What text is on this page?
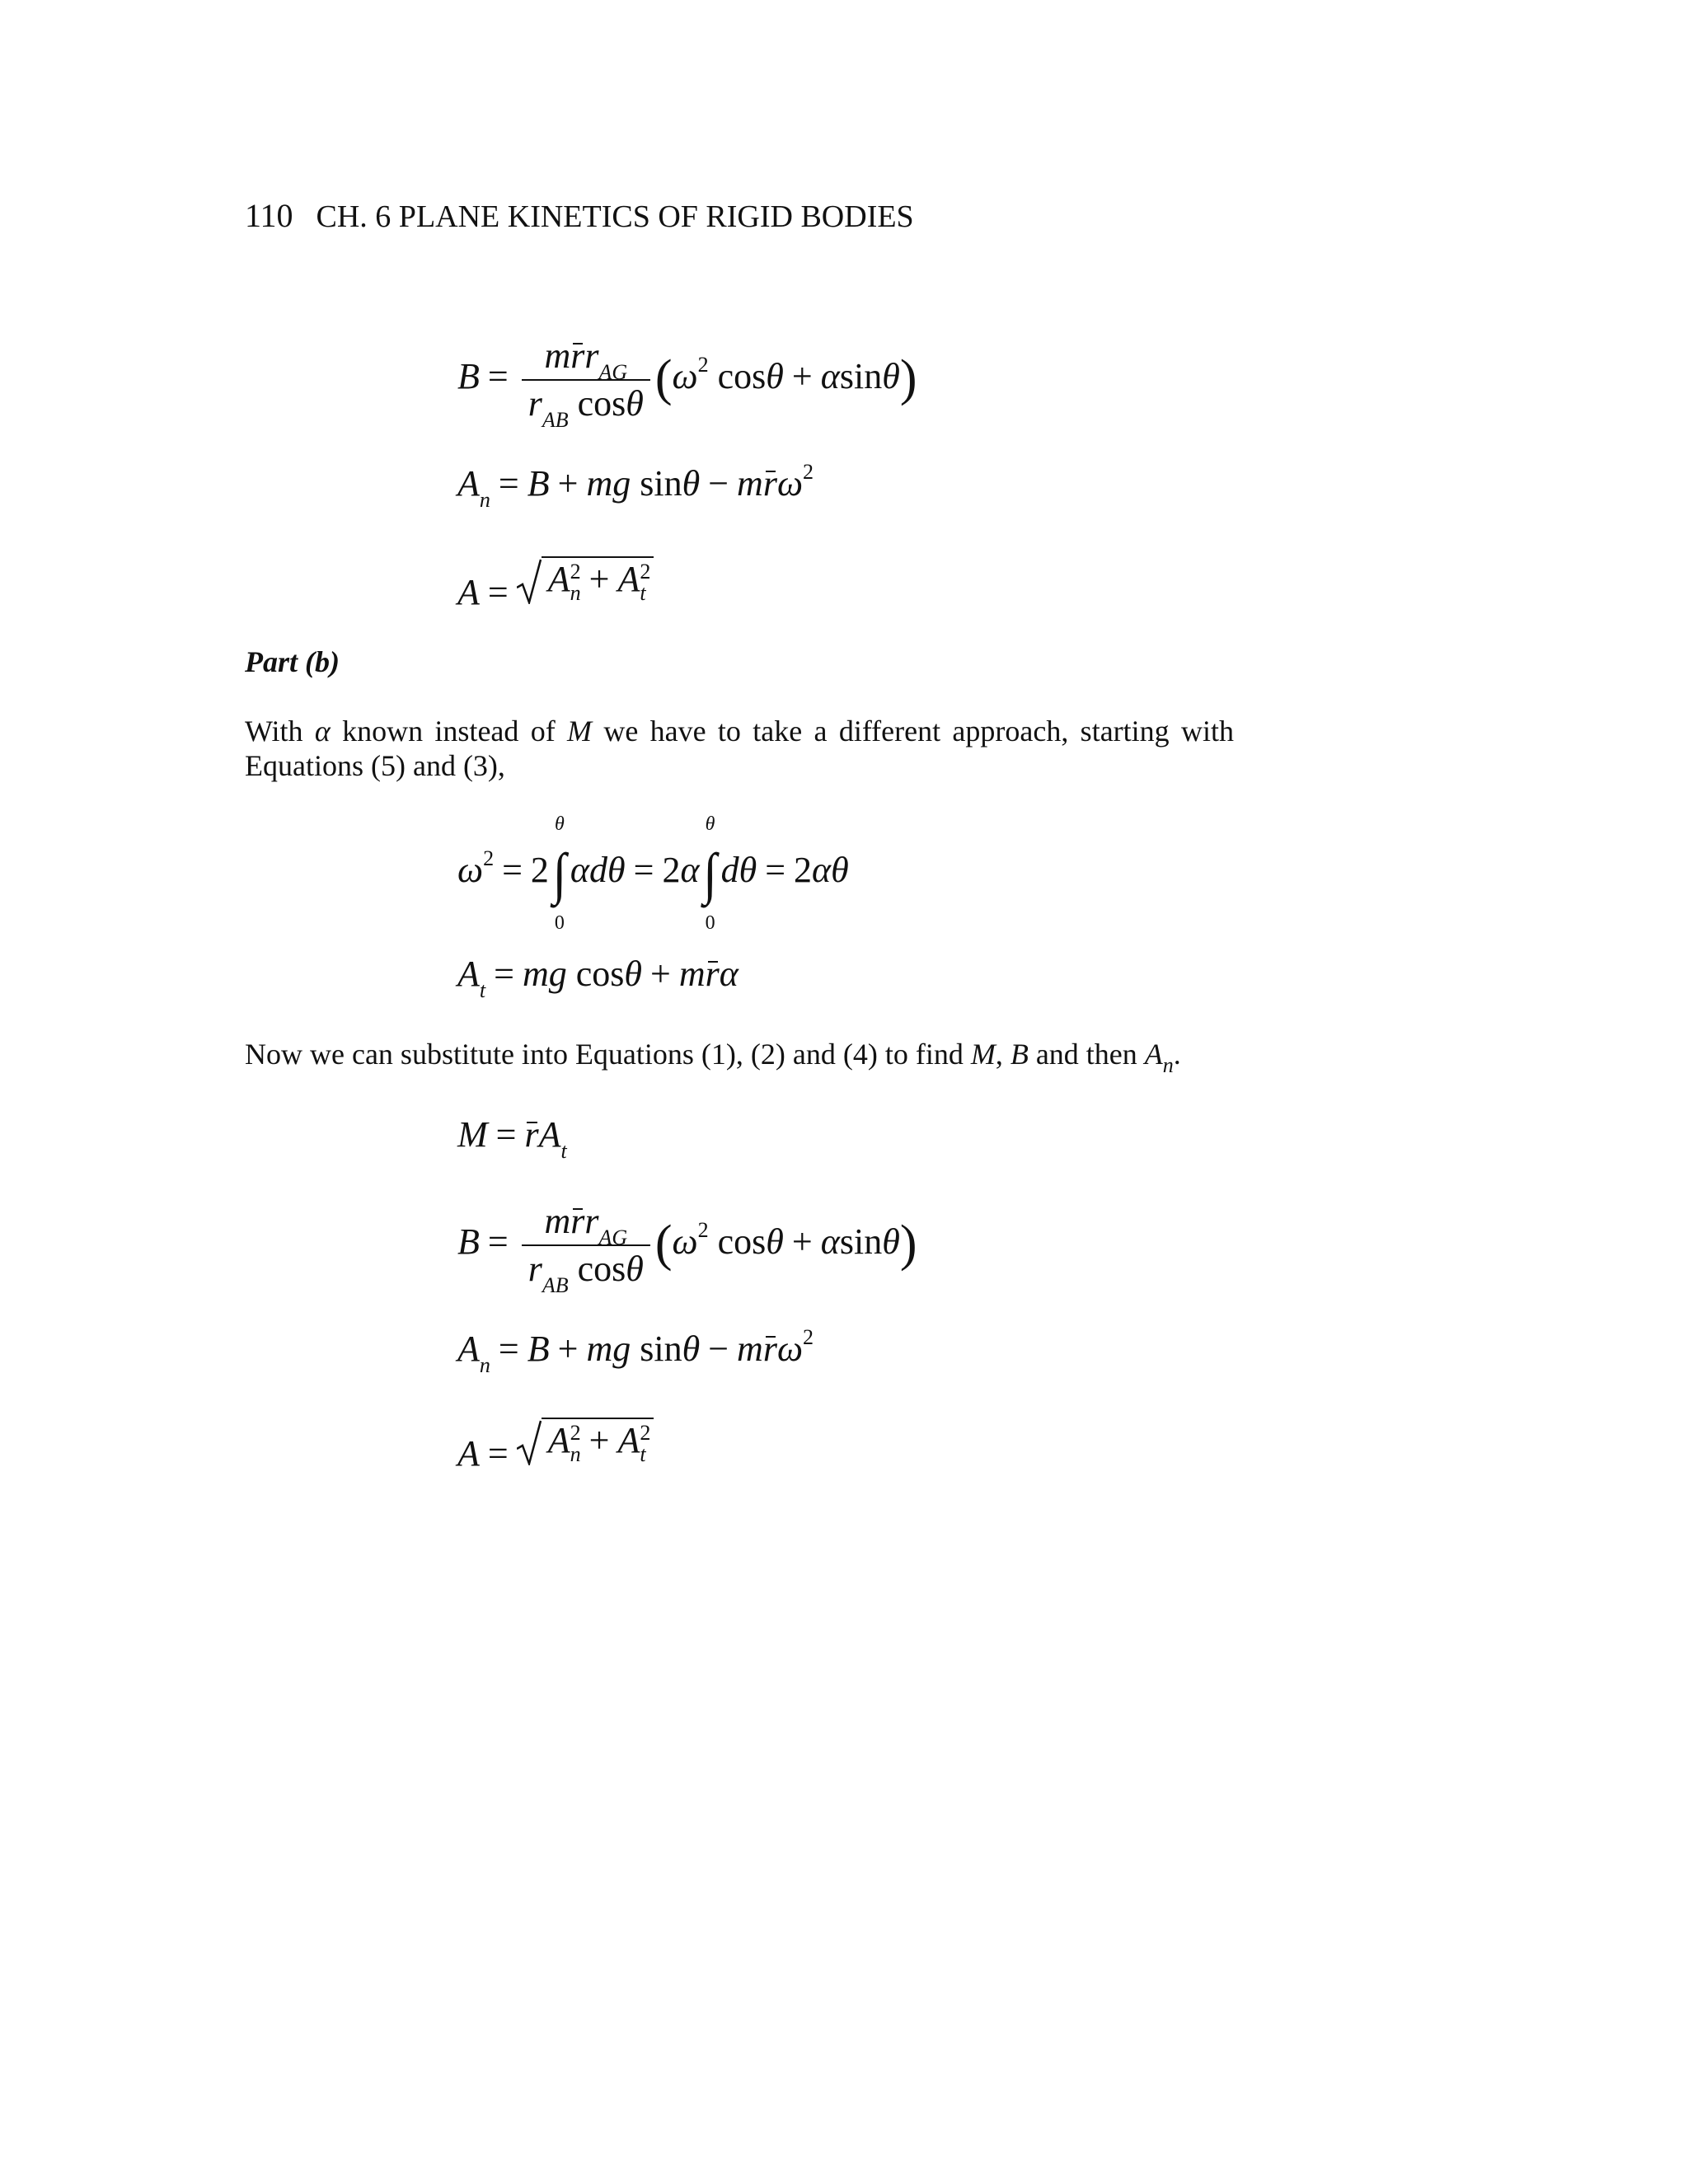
110 CH. 6 PLANE KINETICS OF RIGID BODIES
$B = \frac{mrr_{AG}}{r_{AB} \cos\theta} (\omega^2$ cosθ + αsinθ)
$A_n = B$ + mg sinθ − mrω$^2$
A = A 2
n + A 2
t
Part (b)
With α known instead of M we have to take a different approach, starting with Equations (5) and (3),
$\omega^2 = 2$
θ
∫
0
αdθ = 2α
θ
∫
0
dθ = 2αθ
$A_t$ = mg cosθ + mrα
Now we can substitute into Equations (1), (2) and (4) to find M, B and then $A_n$.
$M = rA_t$
$B = \frac{mrr_{AG}}{r_{AB} \cos\theta} (\omega^2$ cosθ + αsinθ)
$A_n = B$ + mg sinθ − mrω$^2$
A = A 2
n + A 2
t
